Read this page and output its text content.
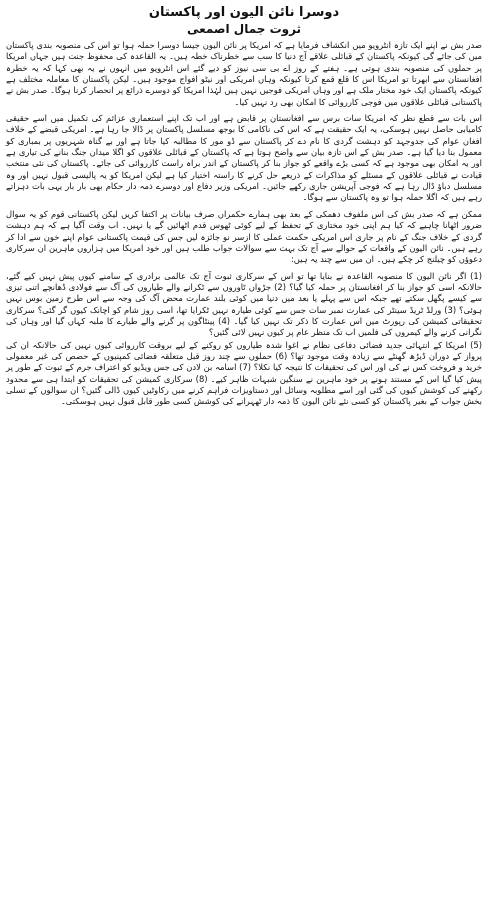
دوسرا نائن الیون اور پاکستان
ثروت جمال اصمعی

صدر بش نے اپنے ایک تازہ انٹرویو میں انکشاف فرمایا ہے کہ امریکا پر نائن الیون جیسا دوسرا حملہ ہوا تو اس کی منصوبہ بندی پاکستان میں کی جائے گی کیونکہ پاکستان کے قبائلی علاقے آج دنیا کا سب سے خطرناک خطہ ہیں۔ یہ القاعدہ کی محفوظ جنت ہیں جہاں امریکا پر حملوں کی منصوبہ بندی ہوتی ہے۔ ہفتے کے روز اے بی سی نیوز کو دیے گئے اس انٹرویو میں انہوں نے یہ بھی کہا کہ یہ خطرہ افغانستان سے ابھرتا تو امریکا اس کا قلع قمع کرتا کیونکہ وہاں امریکی اور نیٹو افواج موجود ہیں۔ لیکن پاکستان کا معاملہ مختلف ہے کیونکہ پاکستان ایک خود مختار ملک ہے اور وہاں امریکی فوجیں نہیں ہیں لہٰذا امریکا کو دوسرے ذرائع پر انحصار کرنا ہوگا۔ صدر بش نے پاکستانی قبائلی علاقوں میں فوجی کارروائی کا امکان بھی رد نہیں کیا۔

اس بات سے قطع نظر کہ امریکا سات برس سے افغانستان پر قابض ہے اور اب تک اپنے استعماری عزائم کی تکمیل میں اسے حقیقی کامیابی حاصل نہیں ہوسکی، یہ ایک حقیقت ہے کہ اس کی ناکامی کا بوجھ مسلسل پاکستان پر ڈالا جا رہا ہے۔ امریکی قبضے کے خلاف افغان عوام کی جدوجہد کو دہشت گردی کا نام دے کر پاکستان سے ڈو مور کا مطالبہ کیا جاتا ہے اور بے گناہ شہریوں پر بمباری کو معمول بنا دیا گیا ہے۔ صدر بش کے اس تازہ بیان سے واضح ہوتا ہے کہ پاکستان کے قبائلی علاقوں کو اگلا میدان جنگ بنانے کی تیاری ہے اور یہ امکان بھی موجود ہے کہ کسی بڑے واقعے کو جواز بنا کر پاکستان کے اندر براہ راست کارروائی کی جائے۔ پاکستان کی نئی منتخب قیادت نے قبائلی علاقوں کے مسئلے کو مذاکرات کے ذریعے حل کرنے کا راستہ اختیار کیا ہے لیکن امریکا کو یہ پالیسی قبول نہیں اور وہ مسلسل دباؤ ڈال رہا ہے کہ فوجی آپریشن جاری رکھے جائیں۔ امریکی وزیر دفاع اور دوسرے ذمہ دار حکام بھی بار بار یہی بات دہراتے رہے ہیں کہ اگلا حملہ ہوا تو وہ پاکستان سے ہوگا۔

ممکن ہے کہ صدر بش کی اس ملفوف دھمکی کے بعد بھی ہمارے حکمراں صرف بیانات پر اکتفا کریں لیکن پاکستانی قوم کو یہ سوال ضرور اٹھانا چاہیے کہ کیا ہم اپنی خود مختاری کے تحفظ کے لیے کوئی ٹھوس قدم اٹھائیں گے یا نہیں۔ اب وقت آگیا ہے کہ ہم دہشت گردی کے خلاف جنگ کے نام پر جاری اس امریکی حکمت عملی کا ازسر نو جائزہ لیں جس کی قیمت پاکستانی عوام اپنے خون سے ادا کر رہے ہیں۔ نائن الیون کے واقعات کے حوالے سے آج تک بہت سے سوالات جواب طلب ہیں اور خود امریکا میں ہزاروں ماہرین ان سرکاری دعوؤں کو چیلنج کر چکے ہیں۔ ان میں سے چند یہ ہیں:

(1) اگر نائن الیون کا منصوبہ القاعدہ نے بنایا تھا تو اس کے سرکاری ثبوت آج تک عالمی برادری کے سامنے کیوں پیش نہیں کیے گئے، حالانکہ اسی کو جواز بنا کر افغانستان پر حملہ کیا گیا؟ (2) جڑواں ٹاوروں سے ٹکرانے والے طیاروں کی آگ سے فولادی ڈھانچے اتنی تیزی سے کیسے پگھل سکتے تھے جبکہ اس سے پہلے یا بعد میں دنیا میں کوئی بلند عمارت محض آگ کی وجہ سے اس طرح زمین بوس نہیں ہوئی؟ (3) ورلڈ ٹریڈ سینٹر کی عمارت نمبر سات جس سے کوئی طیارہ نہیں ٹکرایا تھا، اسی روز شام کو اچانک کیوں گر گئی؟ سرکاری تحقیقاتی کمیشن کی رپورٹ میں اس عمارت کا ذکر تک نہیں کیا گیا۔ (4) پینٹاگون پر گرنے والے طیارے کا ملبہ کہاں گیا اور وہاں کی نگرانی کرنے والے کیمروں کی فلمیں اب تک منظر عام پر کیوں نہیں لائی گئیں؟

(5) امریکا کے انتہائی جدید فضائی دفاعی نظام نے اغوا شدہ طیاروں کو روکنے کے لیے بروقت کارروائی کیوں نہیں کی حالانکہ ان کی پرواز کے دوران ڈیڑھ گھنٹے سے زیادہ وقت موجود تھا؟ (6) حملوں سے چند روز قبل متعلقہ فضائی کمپنیوں کے حصص کی غیر معمولی خرید و فروخت کس نے کی اور اس کی تحقیقات کا نتیجہ کیا نکلا؟ (7) اسامہ بن لادن کی جس ویڈیو کو اعتراف جرم کے ثبوت کے طور پر پیش کیا گیا اس کے مستند ہونے پر خود ماہرین نے سنگین شبہات ظاہر کیے۔ (8) سرکاری کمیشن کی تحقیقات کو ابتدا ہی سے محدود رکھنے کی کوشش کیوں کی گئی اور اسے مطلوبہ وسائل اور دستاویزات فراہم کرنے میں رکاوٹیں کیوں ڈالی گئیں؟ ان سوالوں کے تسلی بخش جواب کے بغیر پاکستان کو کسی نئے نائن الیون کا ذمہ دار ٹھہرانے کی کوشش کسی طور قابل قبول نہیں ہوسکتی۔
